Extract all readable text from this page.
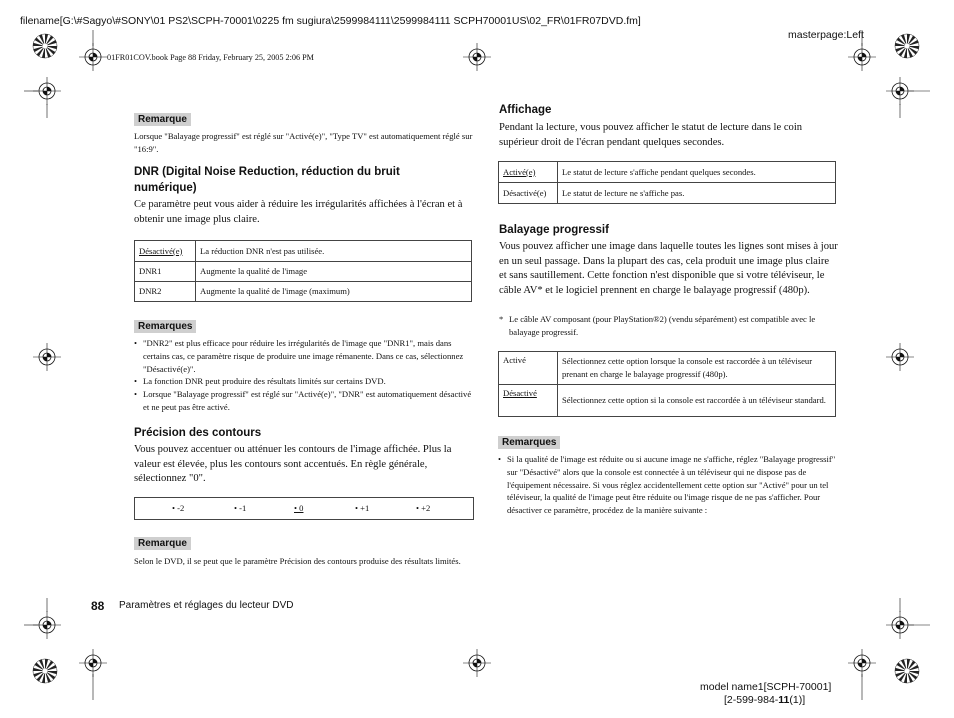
filename[G:\#Sagyo\#SONY\01 PS2\SCPH-70001\0225 fm sugiura\2599984111\2599984111 SCPH70001US\02_FR\01FR07DVD.fm]
masterpage:Left
01FR01COV.book Page 88 Friday, February 25, 2005 2:06 PM
Remarque
Lorsque "Balayage progressif" est réglé sur "Activé(e)", "Type TV" est automatiquement réglé sur "16:9".
DNR (Digital Noise Reduction, réduction du bruit numérique)
Ce paramètre peut vous aider à réduire les irrégularités affichées à l'écran et à obtenir une image plus claire.
Désactivé(e)	La réduction DNR n'est pas utilisée.
DNR1	Augmente la qualité de l'image
DNR2	Augmente la qualité de l'image (maximum)
Remarques
• "DNR2" est plus efficace pour réduire les irrégularités de l'image que "DNR1", mais dans certains cas, ce paramètre risque de produire une image rémanente. Dans ce cas, sélectionnez "Désactivé(e)".
• La fonction DNR peut produire des résultats limités sur certains DVD.
• Lorsque "Balayage progressif" est réglé sur "Activé(e)", "DNR" est automatiquement désactivé et ne peut pas être activé.
Précision des contours
Vous pouvez accentuer ou atténuer les contours de l'image affichée. Plus la valeur est élevée, plus les contours sont accentués. En règle générale, sélectionnez "0".
• -2	• -1	• 0	• +1	• +2
Remarque
Selon le DVD, il se peut que le paramètre Précision des contours produise des résultats limités.
Affichage
Pendant la lecture, vous pouvez afficher le statut de lecture dans le coin supérieur droit de l'écran pendant quelques secondes.
Activé(e)	Le statut de lecture s'affiche pendant quelques secondes.
Désactivé(e)	Le statut de lecture ne s'affiche pas.
Balayage progressif
Vous pouvez afficher une image dans laquelle toutes les lignes sont mises à jour en un seul passage. Dans la plupart des cas, cela produit une image plus claire et sans sautillement. Cette fonction n'est disponible que si votre téléviseur, le câble AV* et le logiciel prennent en charge le balayage progressif (480p).
* Le câble AV composant (pour PlayStation®2) (vendu séparément) est compatible avec le balayage progressif.
Activé	Sélectionnez cette option lorsque la console est raccordée à un téléviseur prenant en charge le balayage progressif (480p).
Désactivé	Sélectionnez cette option si la console est raccordée à un téléviseur standard.
Remarques
• Si la qualité de l'image est réduite ou si aucune image ne s'affiche, réglez "Balayage progressif" sur "Désactivé" alors que la console est connectée à un téléviseur qui ne dispose pas de l'équipement nécessaire. Si vous réglez accidentellement cette option sur "Activé" pour un tel téléviseur, la qualité de l'image peut être réduite ou l'image risque de ne pas s'afficher. Pour désactiver ce paramètre, procédez de la manière suivante :
88 Paramètres et réglages du lecteur DVD
model name1[SCPH-70001]
[2-599-984-11(1)]
